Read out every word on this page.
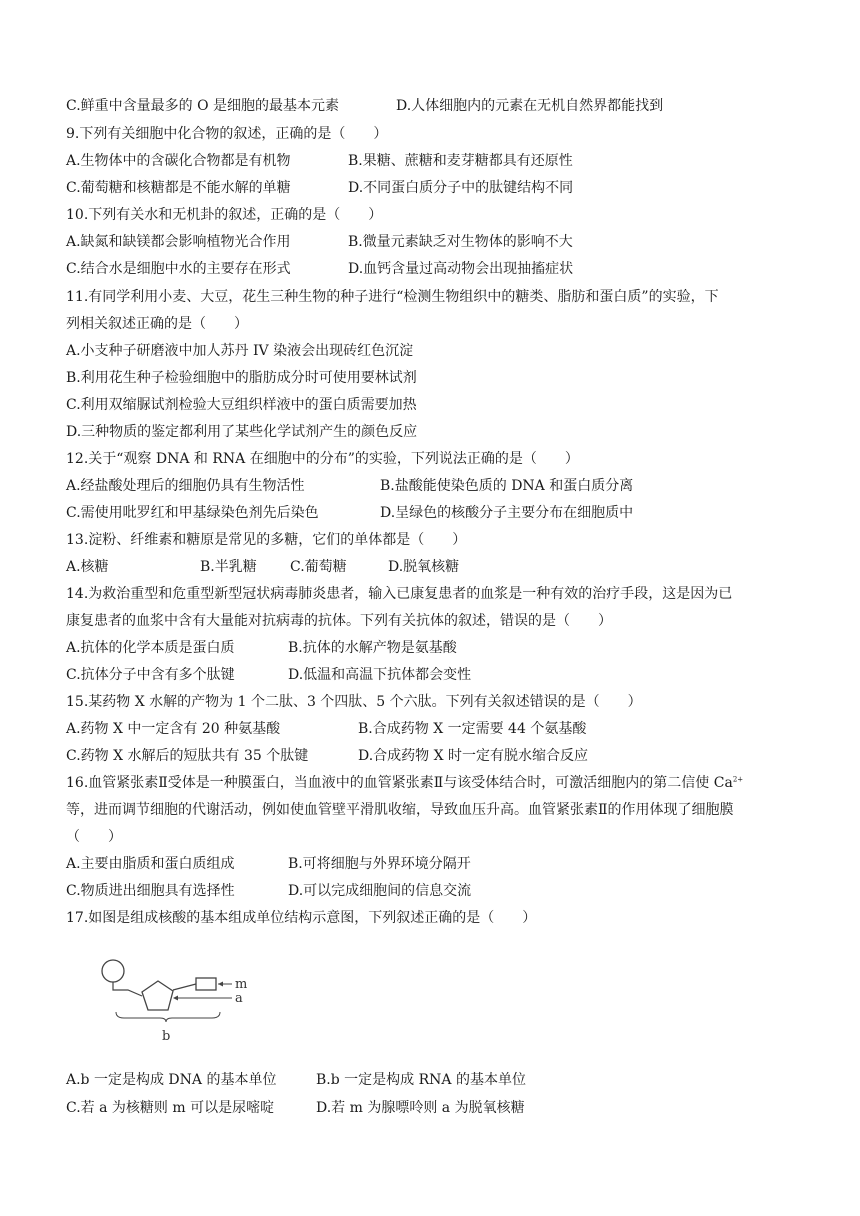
C.鲜重中含量最多的 O 是细胞的最基本元素	D.人体细胞内的元素在无机自然界都能找到
9.下列有关细胞中化合物的叙述，正确的是（　　）
A.生物体中的含碳化合物都是有机物	B.果糖、蔗糖和麦芽糖都具有还原性
C.葡萄糖和核糖都是不能水解的单糖	D.不同蛋白质分子中的肽键结构不同
10.下列有关水和无机卦的叙述，正确的是（　　）
A.缺氮和缺镁都会影响植物光合作用	B.微量元素缺乏对生物体的影响不大
C.结合水是细胞中水的主要存在形式	D.血钙含量过高动物会出现抽搐症状
11.有同学利用小麦、大豆，花生三种生物的种子进行“检测生物组织中的糖类、脂肪和蛋白质”的实验，下
列相关叙述正确的是（　　）
A.小支种子研磨液中加人苏丹 IV 染液会出现砖红色沉淀
B.利用花生种子检验细胞中的脂肪成分时可使用要林试剂
C.利用双缩脲试剂检验大豆组织样液中的蛋白质需要加热
D.三种物质的鉴定都利用了某些化学试剂产生的颜色反应
12.关于“观察 DNA 和 RNA 在细胞中的分布”的实验，下列说法正确的是（　　）
A.经盐酸处理后的细胞仍具有生物活性	B.盐酸能使染色质的 DNA 和蛋白质分离
C.需使用吡罗红和甲基绿染色剂先后染色	D.呈绿色的核酸分子主要分布在细胞质中
13.淀粉、纤维素和糖原是常见的多糖，它们的单体都是（　　）
A.核糖	B.半乳糖 C.葡萄糖	D.脱氧核糖
14.为救治重型和危重型新型冠状病毒肺炎患者，输入已康复患者的血浆是一种有效的治疗手段，这是因为已
康复患者的血浆中含有大量能对抗病毒的抗体。下列有关抗体的叙述，错误的是（　　）
A.抗体的化学本质是蛋白质	B.抗体的水解产物是氨基酸
C.抗体分子中含有多个肽键	D.低温和高温下抗体都会变性
15.某药物 X 水解的产物为 1 个二肽、3 个四肽、5 个六肽。下列有关叙述错误的是（　　）
A.药物 X 中一定含有 20 种氨基酸	B.合成药物 X 一定需要 44 个氨基酸
C.药物 X 水解后的短肽共有 35 个肽键	D.合成药物 X 时一定有脱水缩合反应
16.血管紧张素Ⅱ受体是一种膜蛋白，当血液中的血管紧张素Ⅱ与该受体结合时，可激活细胞内的第二信使 $Ca^{2+}$
等，进而调节细胞的代谢活动，例如使血管壁平滑肌收缩，导致血压升高。血管紧张素Ⅱ的作用体现了细胞膜
（　　）
A.主要由脂质和蛋白质组成	B.可将细胞与外界环境分隔开
C.物质进出细胞具有选择性	D.可以完成细胞间的信息交流
17.如图是组成核酸的基本组成单位结构示意图，下列叙述正确的是（　　）
m
a
b
A.b 一定是构成 DNA 的基本单位	B.b 一定是构成 RNA 的基本单位
C.若 a 为核糖则 m 可以是尿嘧啶	D.若 m 为腺嘌呤则 a 为脱氧核糖
